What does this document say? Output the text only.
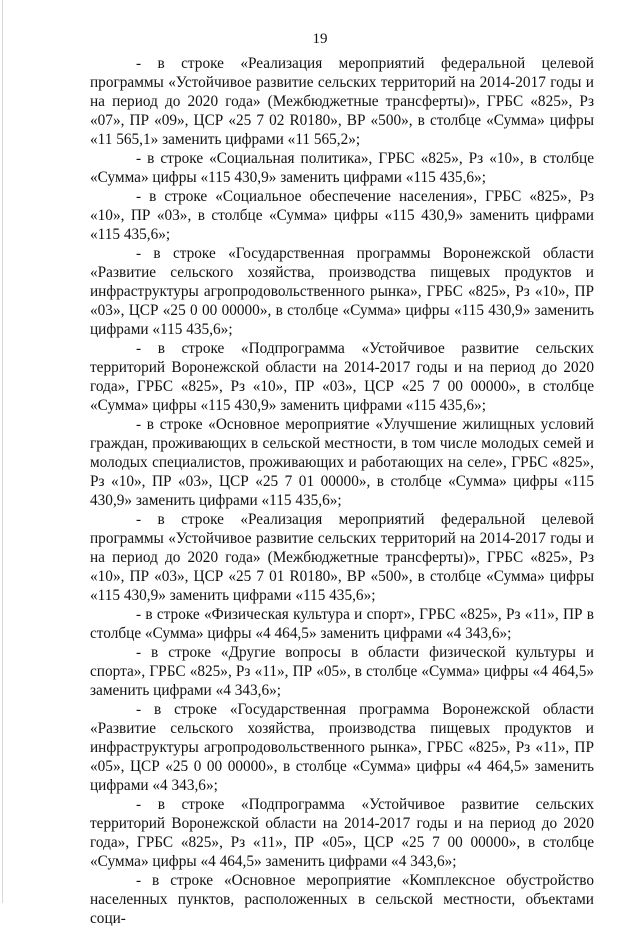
19

- в строке «Реализация мероприятий федеральной целевой программы «Устойчивое развитие сельских территорий на 2014-2017 годы и на период до 2020 года» (Межбюджетные трансферты)», ГРБС «825», Рз «07», ПР «09», ЦСР «25 7 02 R0180», ВР «500», в столбце «Сумма» цифры «11 565,1» заменить цифрами «11 565,2»;

- в строке «Социальная политика», ГРБС «825», Рз «10», в столбце «Сумма» цифры «115 430,9» заменить цифрами «115 435,6»;

- в строке «Социальное обеспечение населения», ГРБС «825», Рз «10», ПР «03», в столбце «Сумма» цифры «115 430,9» заменить цифрами «115 435,6»;

- в строке «Государственная программы Воронежской области «Развитие сельского хозяйства, производства пищевых продуктов и инфраструктуры агропродовольственного рынка», ГРБС «825», Рз «10», ПР «03», ЦСР «25 0 00 00000», в столбце «Сумма» цифры «115 430,9» заменить цифрами «115 435,6»;

- в строке «Подпрограмма «Устойчивое развитие сельских территорий Воронежской области на 2014-2017 годы и на период до 2020 года», ГРБС «825», Рз «10», ПР «03», ЦСР «25 7 00 00000», в столбце «Сумма» цифры «115 430,9» заменить цифрами «115 435,6»;

- в строке «Основное мероприятие «Улучшение жилищных условий граждан, проживающих в сельской местности, в том числе молодых семей и молодых специалистов, проживающих и работающих на селе», ГРБС «825», Рз «10», ПР «03», ЦСР «25 7 01 00000», в столбце «Сумма» цифры «115 430,9» заменить цифрами «115 435,6»;

- в строке «Реализация мероприятий федеральной целевой программы «Устойчивое развитие сельских территорий на 2014-2017 годы и на период до 2020 года» (Межбюджетные трансферты)», ГРБС «825», Рз «10», ПР «03», ЦСР «25 7 01 R0180», ВР «500», в столбце «Сумма» цифры «115 430,9» заменить цифрами «115 435,6»;

- в строке «Физическая культура и спорт», ГРБС «825», Рз «11», ПР в столбце «Сумма» цифры «4 464,5» заменить цифрами «4 343,6»;

- в строке «Другие вопросы в области физической культуры и спорта», ГРБС «825», Рз «11», ПР «05», в столбце «Сумма» цифры «4 464,5» заменить цифрами «4 343,6»;

- в строке «Государственная программа Воронежской области «Развитие сельского хозяйства, производства пищевых продуктов и инфраструктуры агропродовольственного рынка», ГРБС «825», Рз «11», ПР «05», ЦСР «25 0 00 00000», в столбце «Сумма» цифры «4 464,5» заменить цифрами «4 343,6»;

- в строке «Подпрограмма «Устойчивое развитие сельских территорий Воронежской области на 2014-2017 годы и на период до 2020 года», ГРБС «825», Рз «11», ПР «05», ЦСР «25 7 00 00000», в столбце «Сумма» цифры «4 464,5» заменить цифрами «4 343,6»;

- в строке «Основное мероприятие «Комплексное обустройство населенных пунктов, расположенных в сельской местности, объектами соци-
